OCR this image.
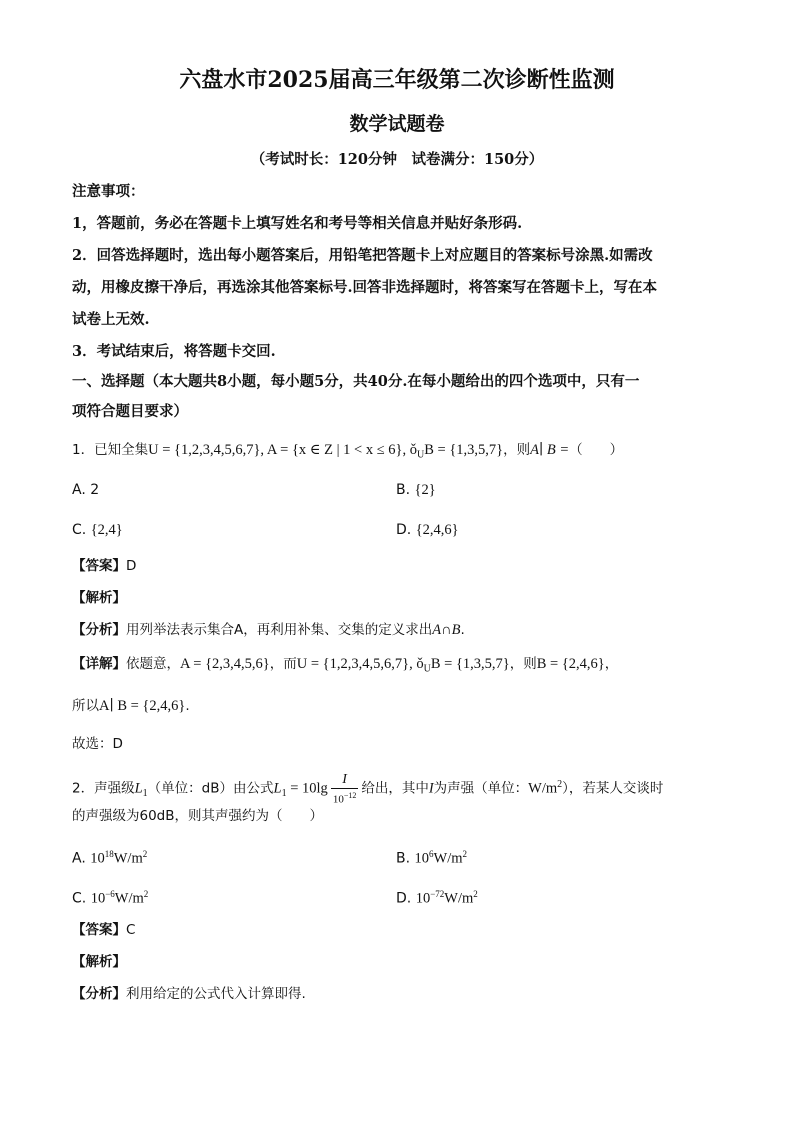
六盘水市2025届高三年级第二次诊断性监测
数学试题卷
（考试时长：120分钟　试卷满分：150分）
注意事项：
1，答题前，务必在答题卡上填写姓名和考号等相关信息并贴好条形码.
2．回答选择题时，选出每小题答案后，用铅笔把答题卡上对应题目的答案标号涂黑.如需改
动，用橡皮擦干净后，再选涂其他答案标号.回答非选择题时，将答案写在答题卡上，写在本
试卷上无效.
3．考试结束后，将答题卡交回.
一、选择题（本大题共8小题，每小题5分，共40分.在每小题给出的四个选项中，只有一
项符合题目要求）
1．已知全集U = {1,2,3,4,5,6,7}, A = {x ∈ Z | 1 < x ≤ 6}, $ǒ_UB = \{1,3,5,7\}$，则A∣ B =（　　）
A. 2	B. {2}
C. {2,4}	D. {2,4,6}
【答案】D
【解析】
【分析】用列举法表示集合A，再利用补集、交集的定义求出A∩B.
【详解】依题意，A = {2,3,4,5,6}，而U = {1,2,3,4,5,6,7}, $ǒ_UB = \{1,3,5,7\}$，则B = {2,4,6}，
所以A∣ B = {2,4,6}.
故选：D
2．声强级$L_1$（单位：dB）由公式$L_1 = 10\lg \frac{I}{10^{-12}}$ 给出，其中I为声强（单位：$W/m^2$），若某人交谈时
的声强级为60dB，则其声强约为（　　）
A. $10^{18}W/m^2$	B. $10^6W/m^2$
C. $10^{-6}W/m^2$	D. $10^{-72}W/m^2$
【答案】C
【解析】
【分析】利用给定的公式代入计算即得.
